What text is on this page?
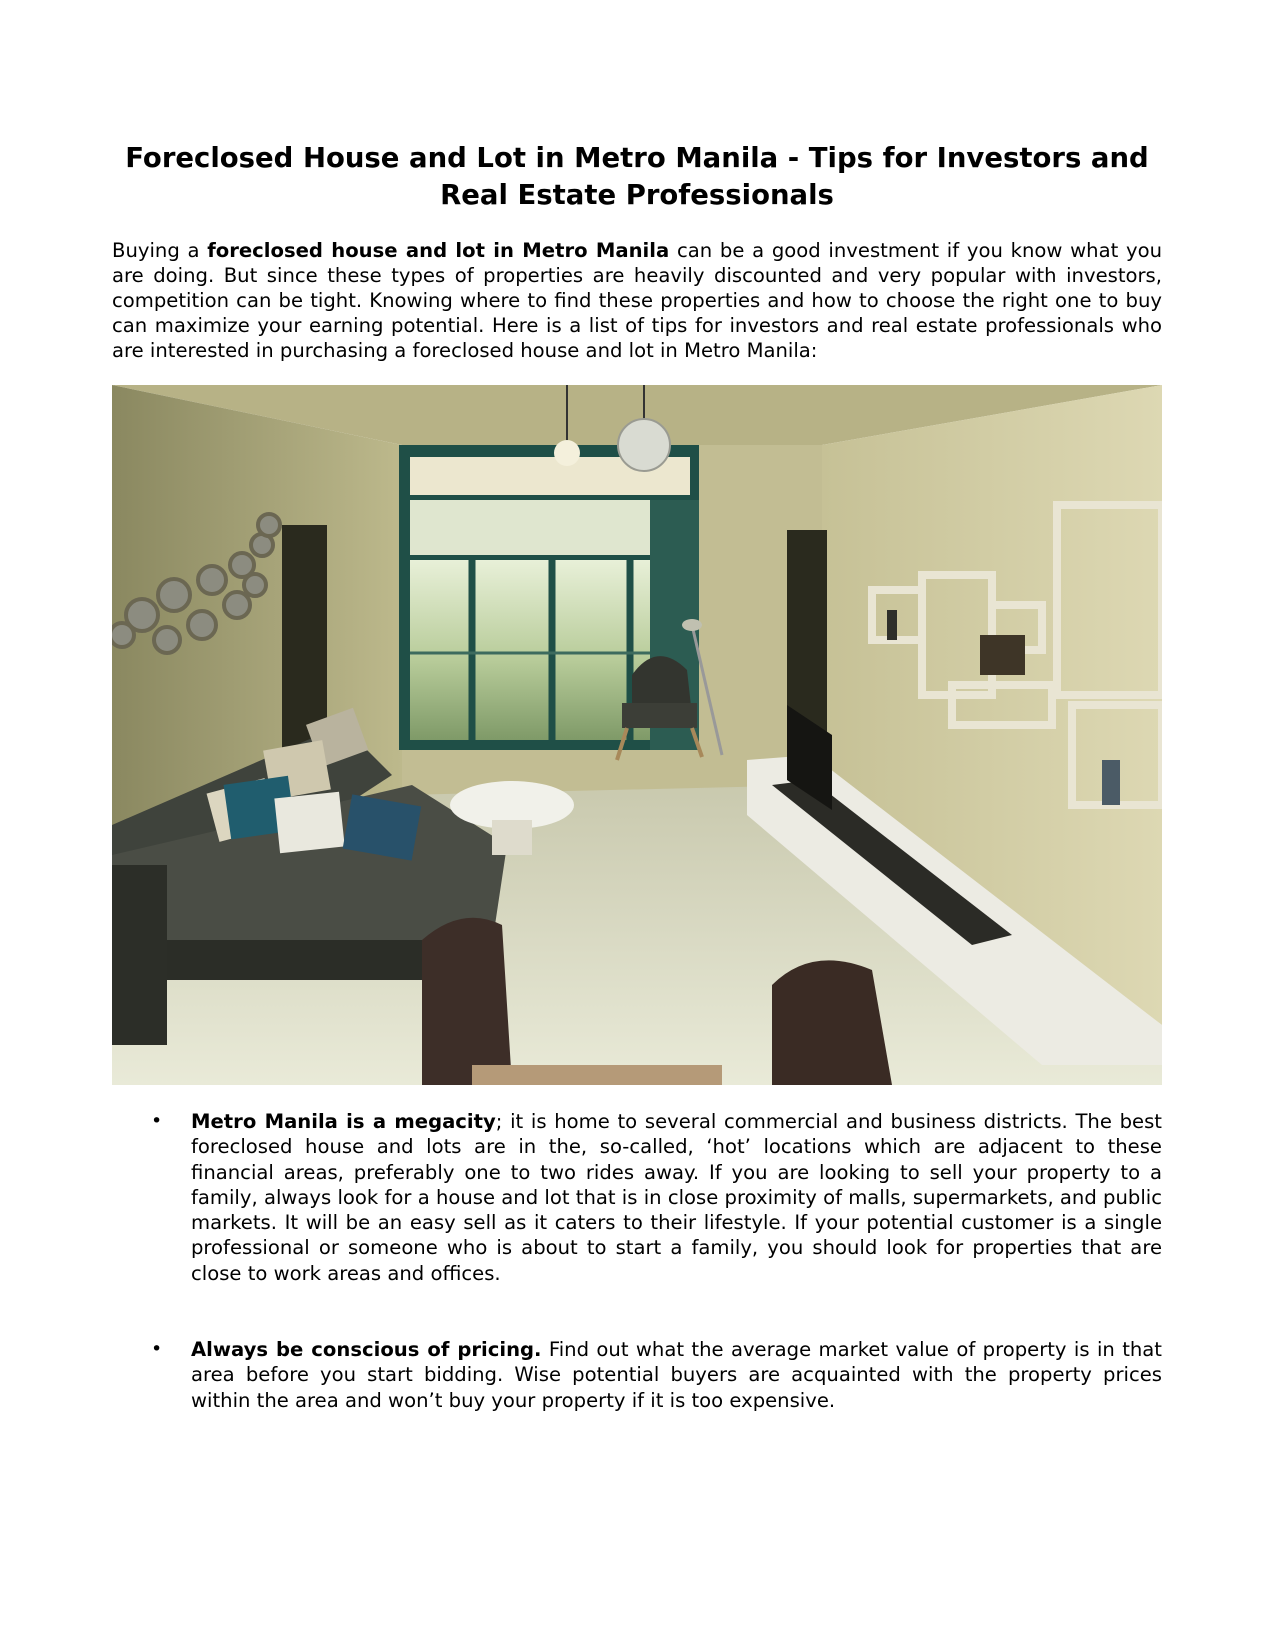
Foreclosed House and Lot in Metro Manila - Tips for Investors and Real Estate Professionals

Buying a foreclosed house and lot in Metro Manila can be a good investment if you know what you are doing. But since these types of properties are heavily discounted and very popular with investors, competition can be tight. Knowing where to find these properties and how to choose the right one to buy can maximize your earning potential. Here is a list of tips for investors and real estate professionals who are interested in purchasing a foreclosed house and lot in Metro Manila:

• Metro Manila is a megacity; it is home to several commercial and business districts. The best foreclosed house and lots are in the, so-called, ‘hot’ locations which are adjacent to these financial areas, preferably one to two rides away. If you are looking to sell your property to a family, always look for a house and lot that is in close proximity of malls, supermarkets, and public markets. It will be an easy sell as it caters to their lifestyle. If your potential customer is a single professional or someone who is about to start a family, you should look for properties that are close to work areas and offices.
• Always be conscious of pricing. Find out what the average market value of property is in that area before you start bidding. Wise potential buyers are acquainted with the property prices within the area and won’t buy your property if it is too expensive.
